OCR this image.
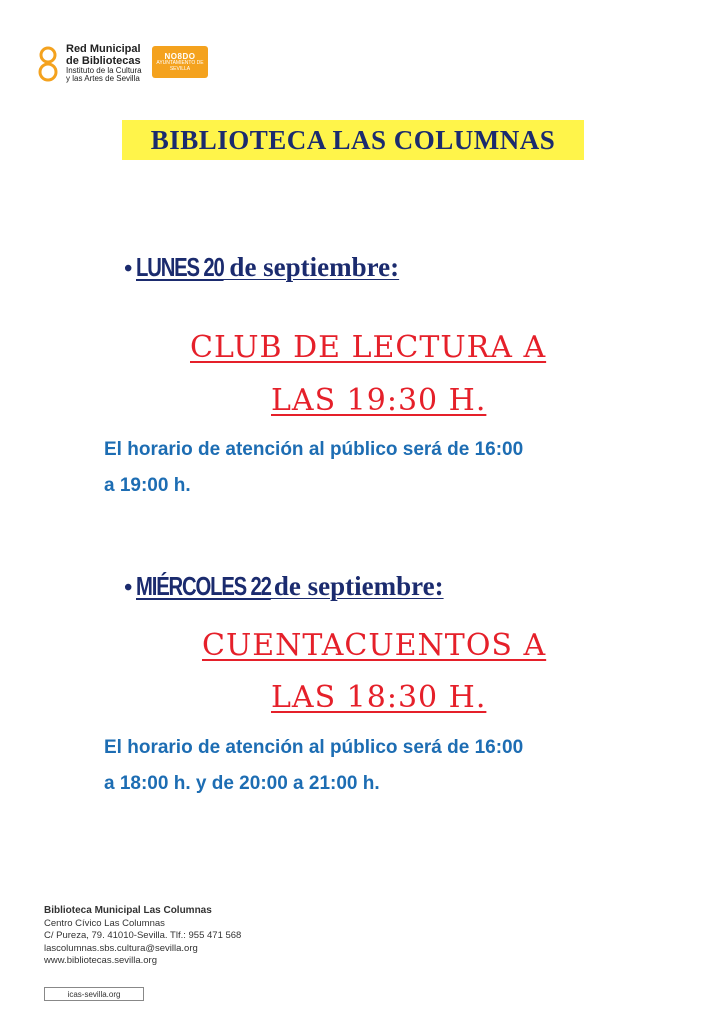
Red Municipal
de Bibliotecas
Instituto de la Cultura
y las Artes de Sevilla
NO8DO
AYUNTAMIENTO DE SEVILLA
BIBLIOTECA LAS COLUMNAS
• LUNES 20 de septiembre:
CLUB DE LECTURA A
LAS 19:30 H.
El horario de atención al público será de 16:00
a 19:00 h.
• MIÉRCOLES 22 de septiembre:
CUENTACUENTOS A
LAS 18:30 H.
El horario de atención al público será de 16:00
a 18:00 h. y de 20:00 a 21:00 h.
Biblioteca Municipal Las Columnas
Centro Cívico Las Columnas
C/ Pureza, 79. 41010-Sevilla. Tlf.: 955 471 568
lascolumnas.sbs.cultura@sevilla.org
www.bibliotecas.sevilla.org
icas-sevilla.org
